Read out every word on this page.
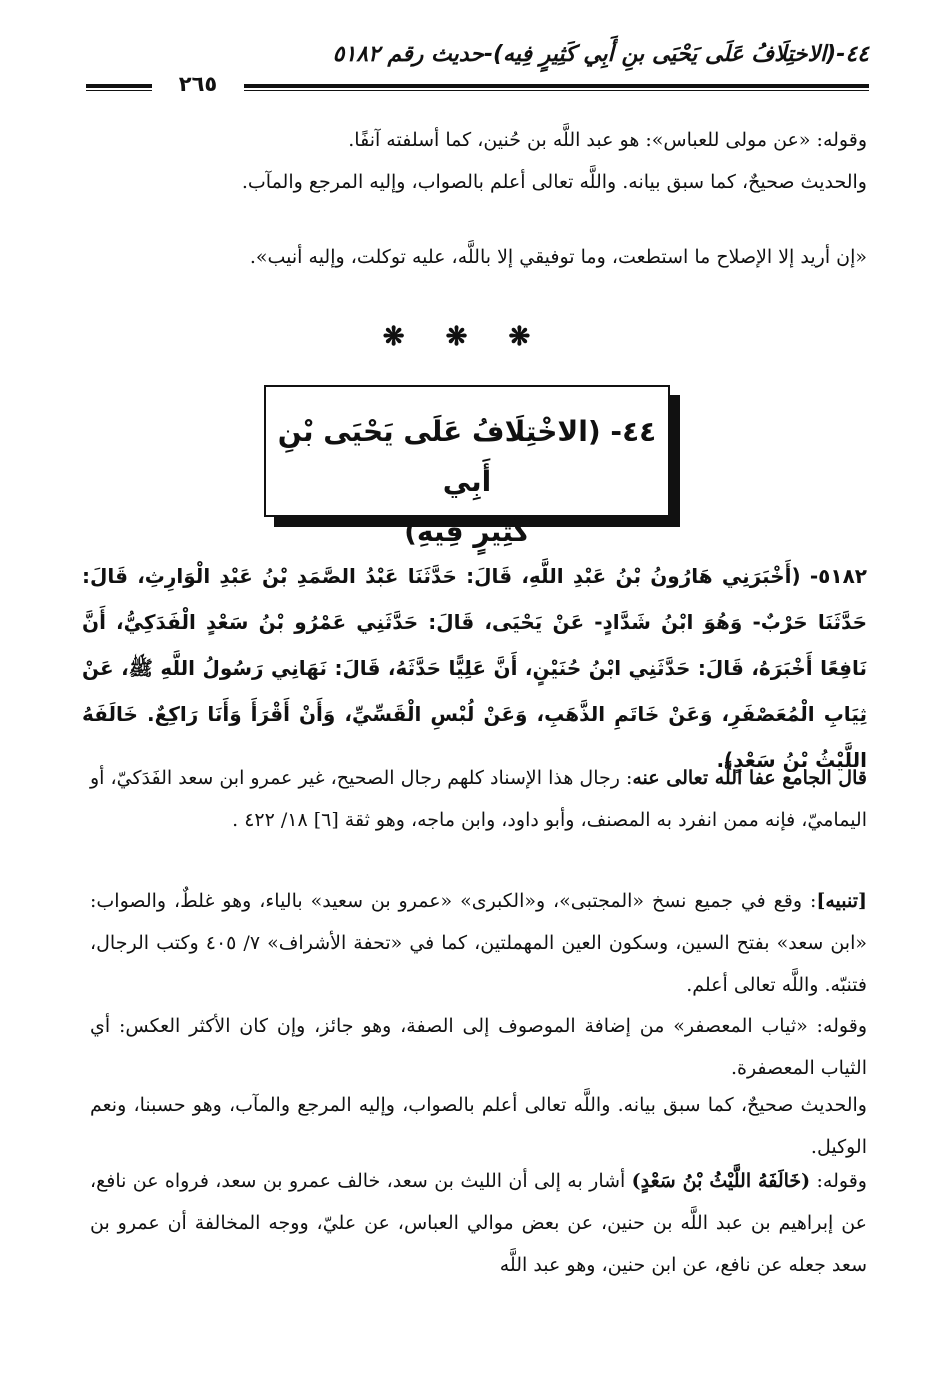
٤٤-(الاختِلَافُ عَلَى يَحْيَى بنِ أَبِي كَثِيرٍ فِيه)-حديث رقم ٥١٨٢
٢٦٥
وقوله: «عن مولى للعباس»: هو عبد اللَّه بن حُنين، كما أسلفته آنفًا.
والحديث صحيحٌ، كما سبق بيانه. واللَّه تعالى أعلم بالصواب، وإليه المرجع والمآب.
«إن أريد إلا الإصلاح ما استطعت، وما توفيقي إلا باللَّه، عليه توكلت، وإليه أنيب».
❋ ❋ ❋
٤٤- (الاخْتِلَافُ عَلَى يَحْيَى بْنِ أَبِي
كَثِيرٍ فِيهِ)
٥١٨٢- (أَخْبَرَنِي هَارُونُ بْنُ عَبْدِ اللَّهِ، قَالَ: حَدَّثَنَا عَبْدُ الصَّمَدِ بْنُ عَبْدِ الْوَارِثِ، قَالَ: حَدَّثَنَا حَرْبٌ- وَهُوَ ابْنُ شَدَّادٍ- عَنْ يَحْيَى، قَالَ: حَدَّثَنِي عَمْرُو بْنُ سَعْدٍ الْفَدَكِيُّ، أَنَّ نَافِعًا أَخْبَرَهُ، قَالَ: حَدَّثَنِي ابْنُ حُنَيْنٍ، أَنَّ عَلِيًّا حَدَّثَهُ، قَالَ: نَهَانِي رَسُولُ اللَّهِ ﷺ، عَنْ ثِيَابِ الْمُعَصْفَرِ، وَعَنْ خَاتَمِ الذَّهَبِ، وَعَنْ لُبْسِ الْقَسِّيِّ، وَأَنْ أَقْرَأَ وَأَنَا رَاكِعٌ. خَالَفَهُ اللَّيْثُ بْنُ سَعْدٍ).
قال الجامع عفا اللَّه تعالى عنه: رجال هذا الإسناد كلهم رجال الصحيح، غير عمرو ابن سعد الفَدَكيّ، أو اليماميّ، فإنه ممن انفرد به المصنف، وأبو داود، وابن ماجه، وهو ثقة [٦] ١٨/ ٤٢٢ .
[تنبيه]: وقع في جميع نسخ «المجتبى»، و«الكبرى» «عمرو بن سعيد» بالياء، وهو غلطٌ، والصواب: «ابن سعد» بفتح السين، وسكون العين المهملتين، كما في «تحفة الأشراف» ٧/ ٤٠٥ وكتب الرجال، فتنبّه. واللَّه تعالى أعلم.
وقوله: «ثياب المعصفر» من إضافة الموصوف إلى الصفة، وهو جائز، وإن كان الأكثر العكس: أي الثياب المعصفرة.
والحديث صحيحٌ، كما سبق بيانه. واللَّه تعالى أعلم بالصواب، وإليه المرجع والمآب، وهو حسبنا، ونعم الوكيل.
وقوله: (خَالَفَهُ اللَّيْثُ بْنُ سَعْدٍ) أشار به إلى أن الليث بن سعد، خالف عمرو بن سعد، فرواه عن نافع، عن إبراهيم بن عبد اللَّه بن حنين، عن بعض موالي العباس، عن عليّ، ووجه المخالفة أن عمرو بن سعد جعله عن نافع، عن ابن حنين، وهو عبد اللَّه
